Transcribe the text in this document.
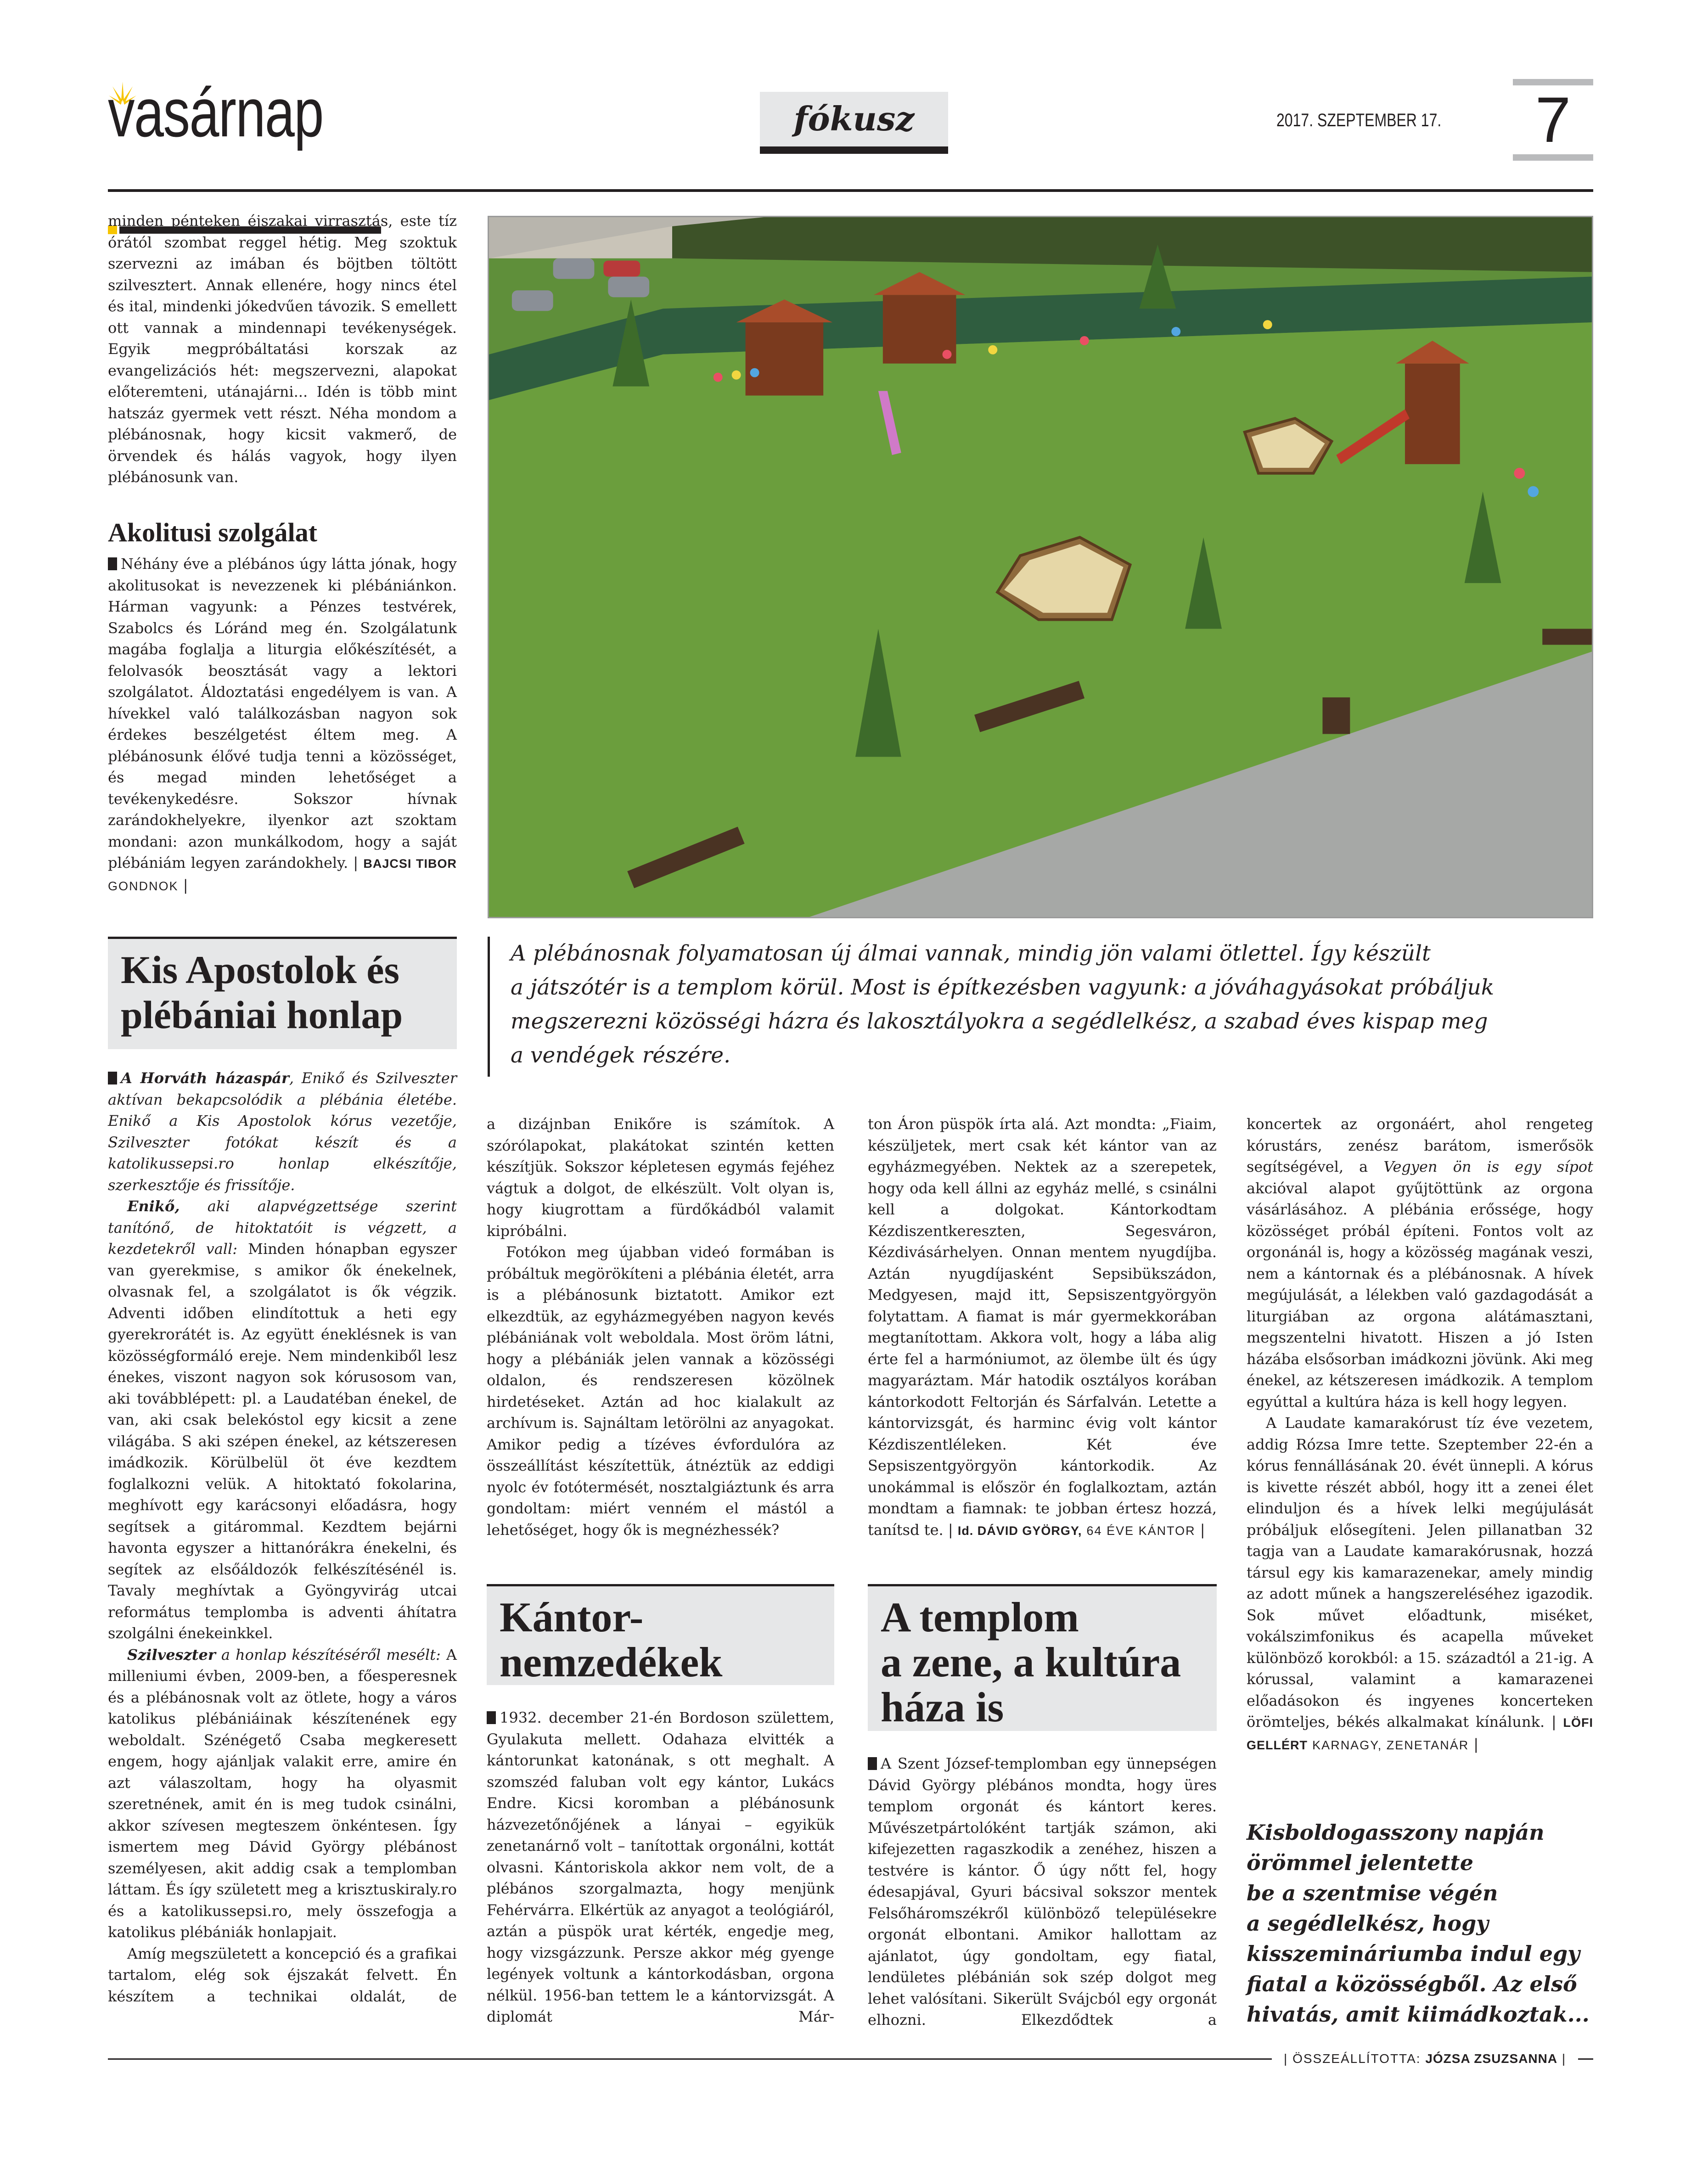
vasárnap	fókusz	2017. SZEPTEMBER 17.	7

minden pénteken éjszakai virrasztás, este tíz órától szombat reggel hétig. Meg szoktuk szervezni az imában és böjtben töltött szilvesztert. Annak ellenére, hogy nincs étel és ital, mindenki jókedvűen távozik. S emellett ott vannak a mindennapi tevékenységek. Egyik megpróbáltatási korszak az evangelizációs hét: megszervezni, alapokat előteremteni, utánajárni... Idén is több mint hatszáz gyermek vett részt. Néha mondom a plébánosnak, hogy kicsit vakmerő, de örvendek és hálás vagyok, hogy ilyen plébánosunk van.

Akolitusi szolgálat

Néhány éve a plébános úgy látta jónak, hogy akolitusokat is nevezzenek ki plébániánkon. Hárman vagyunk: a Pénzes testvérek, Szabolcs és Lóránd meg én. Szolgálatunk magába foglalja a liturgia előkészítését, a felolvasók beosztását vagy a lektori szolgálatot. Áldoztatási engedélyem is van. A hívekkel való találkozásban nagyon sok érdekes beszélgetést éltem meg. A plébánosunk élővé tudja tenni a közösséget, és megad minden lehetőséget a tevékenykedésre. Sokszor hívnak zarándokhelyekre, ilyenkor azt szoktam mondani: azon munkálkodom, hogy a saját plébániám legyen zarándokhely. | BAJCSI TIBOR GONDNOK |

A plébánosnak folyamatosan új álmai vannak, mindig jön valami ötlettel. Így készült
a játszótér is a templom körül. Most is építkezésben vagyunk: a jóváhagyásokat próbáljuk
megszerezni közösségi házra és lakosztályokra a segédlelkész, a szabad éves kispap meg
a vendégek részére.
Kis Apostolok és
plébániai honlap

A Horváth házaspár, Enikő és Szilveszter aktívan bekapcsolódik a plébánia életébe. Enikő a Kis Apostolok kórus vezetője, Szilveszter fotókat készít és a katolikussepsi.ro honlap elkészítője, szerkesztője és frissítője.

Enikő, aki alapvégzettsége szerint tanítónő, de hitoktatóit is végzett, a kezdetekről vall: Minden hónapban egyszer van gyerekmise, s amikor ők énekelnek, olvasnak fel, a szolgálatot is ők végzik. Adventi időben elindítottuk a heti egy gyerekrorátét is. Az együtt éneklésnek is van közösségformáló ereje. Nem mindenkiből lesz énekes, viszont nagyon sok kórusosom van, aki továbblépett: pl. a Laudatéban énekel, de van, aki csak belekóstol egy kicsit a zene világába. S aki szépen énekel, az kétszeresen imádkozik. Körülbelül öt éve kezdtem foglalkozni velük. A hitoktató fokolarina, meghívott egy karácsonyi előadásra, hogy segítsek a gitárommal. Kezdtem bejárni havonta egyszer a hittanórákra énekelni, és segítek az elsőáldozók felkészítésénél is. Tavaly meghívtak a Gyöngyvirág utcai református templomba is adventi áhítatra szolgálni énekeinkkel.

Szilveszter a honlap készítéséről mesélt: A milleniumi évben, 2009-ben, a főesperesnek és a plébánosnak volt az ötlete, hogy a város katolikus plébániáinak készítenének egy weboldalt. Szénégető Csaba megkeresett engem, hogy ajánljak valakit erre, amire én azt válaszoltam, hogy ha olyasmit szeretnének, amit én is meg tudok csinálni, akkor szívesen megteszem önkéntesen. Így ismertem meg Dávid György plébánost személyesen, akit addig csak a templomban láttam. És így született meg a krisztuskiraly.ro és a katolikussepsi.ro, mely összefogja a katolikus plébániák honlapjait.

Amíg megszületett a koncepció és a grafikai tartalom, elég sok éjszakát felvett. Én készítem a technikai oldalát, de

a dizájnban Enikőre is számítok. A szórólapokat, plakátokat szintén ketten készítjük. Sokszor képletesen egymás fejéhez vágtuk a dolgot, de elkészült. Volt olyan is, hogy kiugrottam a fürdőkádból valamit kipróbálni.

Fotókon meg újabban videó formában is próbáltuk megörökíteni a plébánia életét, arra is a plébánosunk biztatott. Amikor ezt elkezdtük, az egyházmegyében nagyon kevés plébániának volt weboldala. Most öröm látni, hogy a plébániák jelen vannak a közösségi oldalon, és rendszeresen közölnek hirdetéseket. Aztán ad hoc kialakult az archívum is. Sajnáltam letörölni az anyagokat. Amikor pedig a tízéves évfordulóra az összeállítást készítettük, átnéztük az eddigi nyolc év fotótermését, nosztalgiáztunk és arra gondoltam: miért venném el mástól a lehetőséget, hogy ők is megnézhessék?

Kántor-
nemzedékek

1932. december 21-én Bordoson születtem, Gyulakuta mellett. Odahaza elvitték a kántorunkat katonának, s ott meghalt. A szomszéd faluban volt egy kántor, Lukács Endre. Kicsi koromban a plébánosunk házvezetőnőjének a lányai – egyikük zenetanárnő volt – tanítottak orgonálni, kottát olvasni. Kántoriskola akkor nem volt, de a plébános szorgalmazta, hogy menjünk Fehérvárra. Elkértük az anyagot a teológiáról, aztán a püspök urat kérték, engedje meg, hogy vizsgázzunk. Persze akkor még gyenge legények voltunk a kántorkodásban, orgona nélkül. 1956-ban tettem le a kántorvizsgát. A diplomát Már-

ton Áron püspök írta alá. Azt mondta: „Fiaim, készüljetek, mert csak két kántor van az egyházmegyében. Nektek az a szerepetek, hogy oda kell állni az egyház mellé, s csinálni kell a dolgokat. Kántorkodtam Kézdiszentkereszten, Segesváron, Kézdivásárhelyen. Onnan mentem nyugdíjba. Aztán nyugdíjasként Sepsibükszádon, Medgyesen, majd itt, Sepsiszentgyörgyön folytattam. A fiamat is már gyermekkorában megtanítottam. Akkora volt, hogy a lába alig érte fel a harmóniumot, az ölembe ült és úgy magyaráztam. Már hatodik osztályos korában kántorkodott Feltorján és Sárfalván. Letette a kántorvizsgát, és harminc évig volt kántor Kézdiszentléleken. Két éve Sepsiszentgyörgyön kántorkodik. Az unokámmal is először én foglalkoztam, aztán mondtam a fiamnak: te jobban értesz hozzá, tanítsd te. | Id. DÁVID GYÖRGY, 64 ÉVE KÁNTOR |

A templom
a zene, a kultúra
háza is

A Szent József-templomban egy ünnepségen Dávid György plébános mondta, hogy üres templom orgonát és kántort keres. Művészetpártolóként tartják számon, aki kifejezetten ragaszkodik a zenéhez, hiszen a testvére is kántor. Ő úgy nőtt fel, hogy édesapjával, Gyuri bácsival sokszor mentek Felsőháromszékről különböző településekre orgonát elbontani. Amikor hallottam az ajánlatot, úgy gondoltam, egy fiatal, lendületes plébánián sok szép dolgot meg lehet valósítani. Sikerült Svájcból egy orgonát elhozni. Elkezdődtek a

koncertek az orgonáért, ahol rengeteg kórustárs, zenész barátom, ismerősök segítségével, a Vegyen ön is egy sípot akcióval alapot gyűjtöttünk az orgona vásárlásához. A plébánia erőssége, hogy közösséget próbál építeni. Fontos volt az orgonánál is, hogy a közösség magának veszi, nem a kántornak és a plébánosnak. A hívek megújulását, a lélekben való gazdagodását a liturgiában az orgona alátámasztani, megszentelni hivatott. Hiszen a jó Isten házába elsősorban imádkozni jövünk. Aki meg énekel, az kétszeresen imádkozik. A templom egyúttal a kultúra háza is kell hogy legyen.

A Laudate kamarakórust tíz éve vezetem, addig Rózsa Imre tette. Szeptember 22-én a kórus fennállásának 20. évét ünnepli. A kórus is kivette részét abból, hogy itt a zenei élet elinduljon és a hívek lelki megújulását próbáljuk elősegíteni. Jelen pillanatban 32 tagja van a Laudate kamarakórusnak, hozzá társul egy kis kamarazenekar, amely mindig az adott műnek a hangszereléséhez igazodik. Sok művet előadtunk, miséket, vokálszimfonikus és acapella műveket különböző korokból: a 15. századtól a 21-ig. A kórussal, valamint a kamarazenei előadásokon és ingyenes koncerteken örömteljes, békés alkalmakat kínálunk. | LÖFI GELLÉRT KARNAGY, ZENETANÁR |

Kisboldogasszony napján
örömmel jelentette
be a szentmise végén
a segédlelkész, hogy
kisszemináriumba indul egy
fiatal a közösségből. Az első
hivatás, amit kiimádkoztak...
| ÖSSZEÁLLÍTOTTA: JÓZSA ZSUZSANNA |
